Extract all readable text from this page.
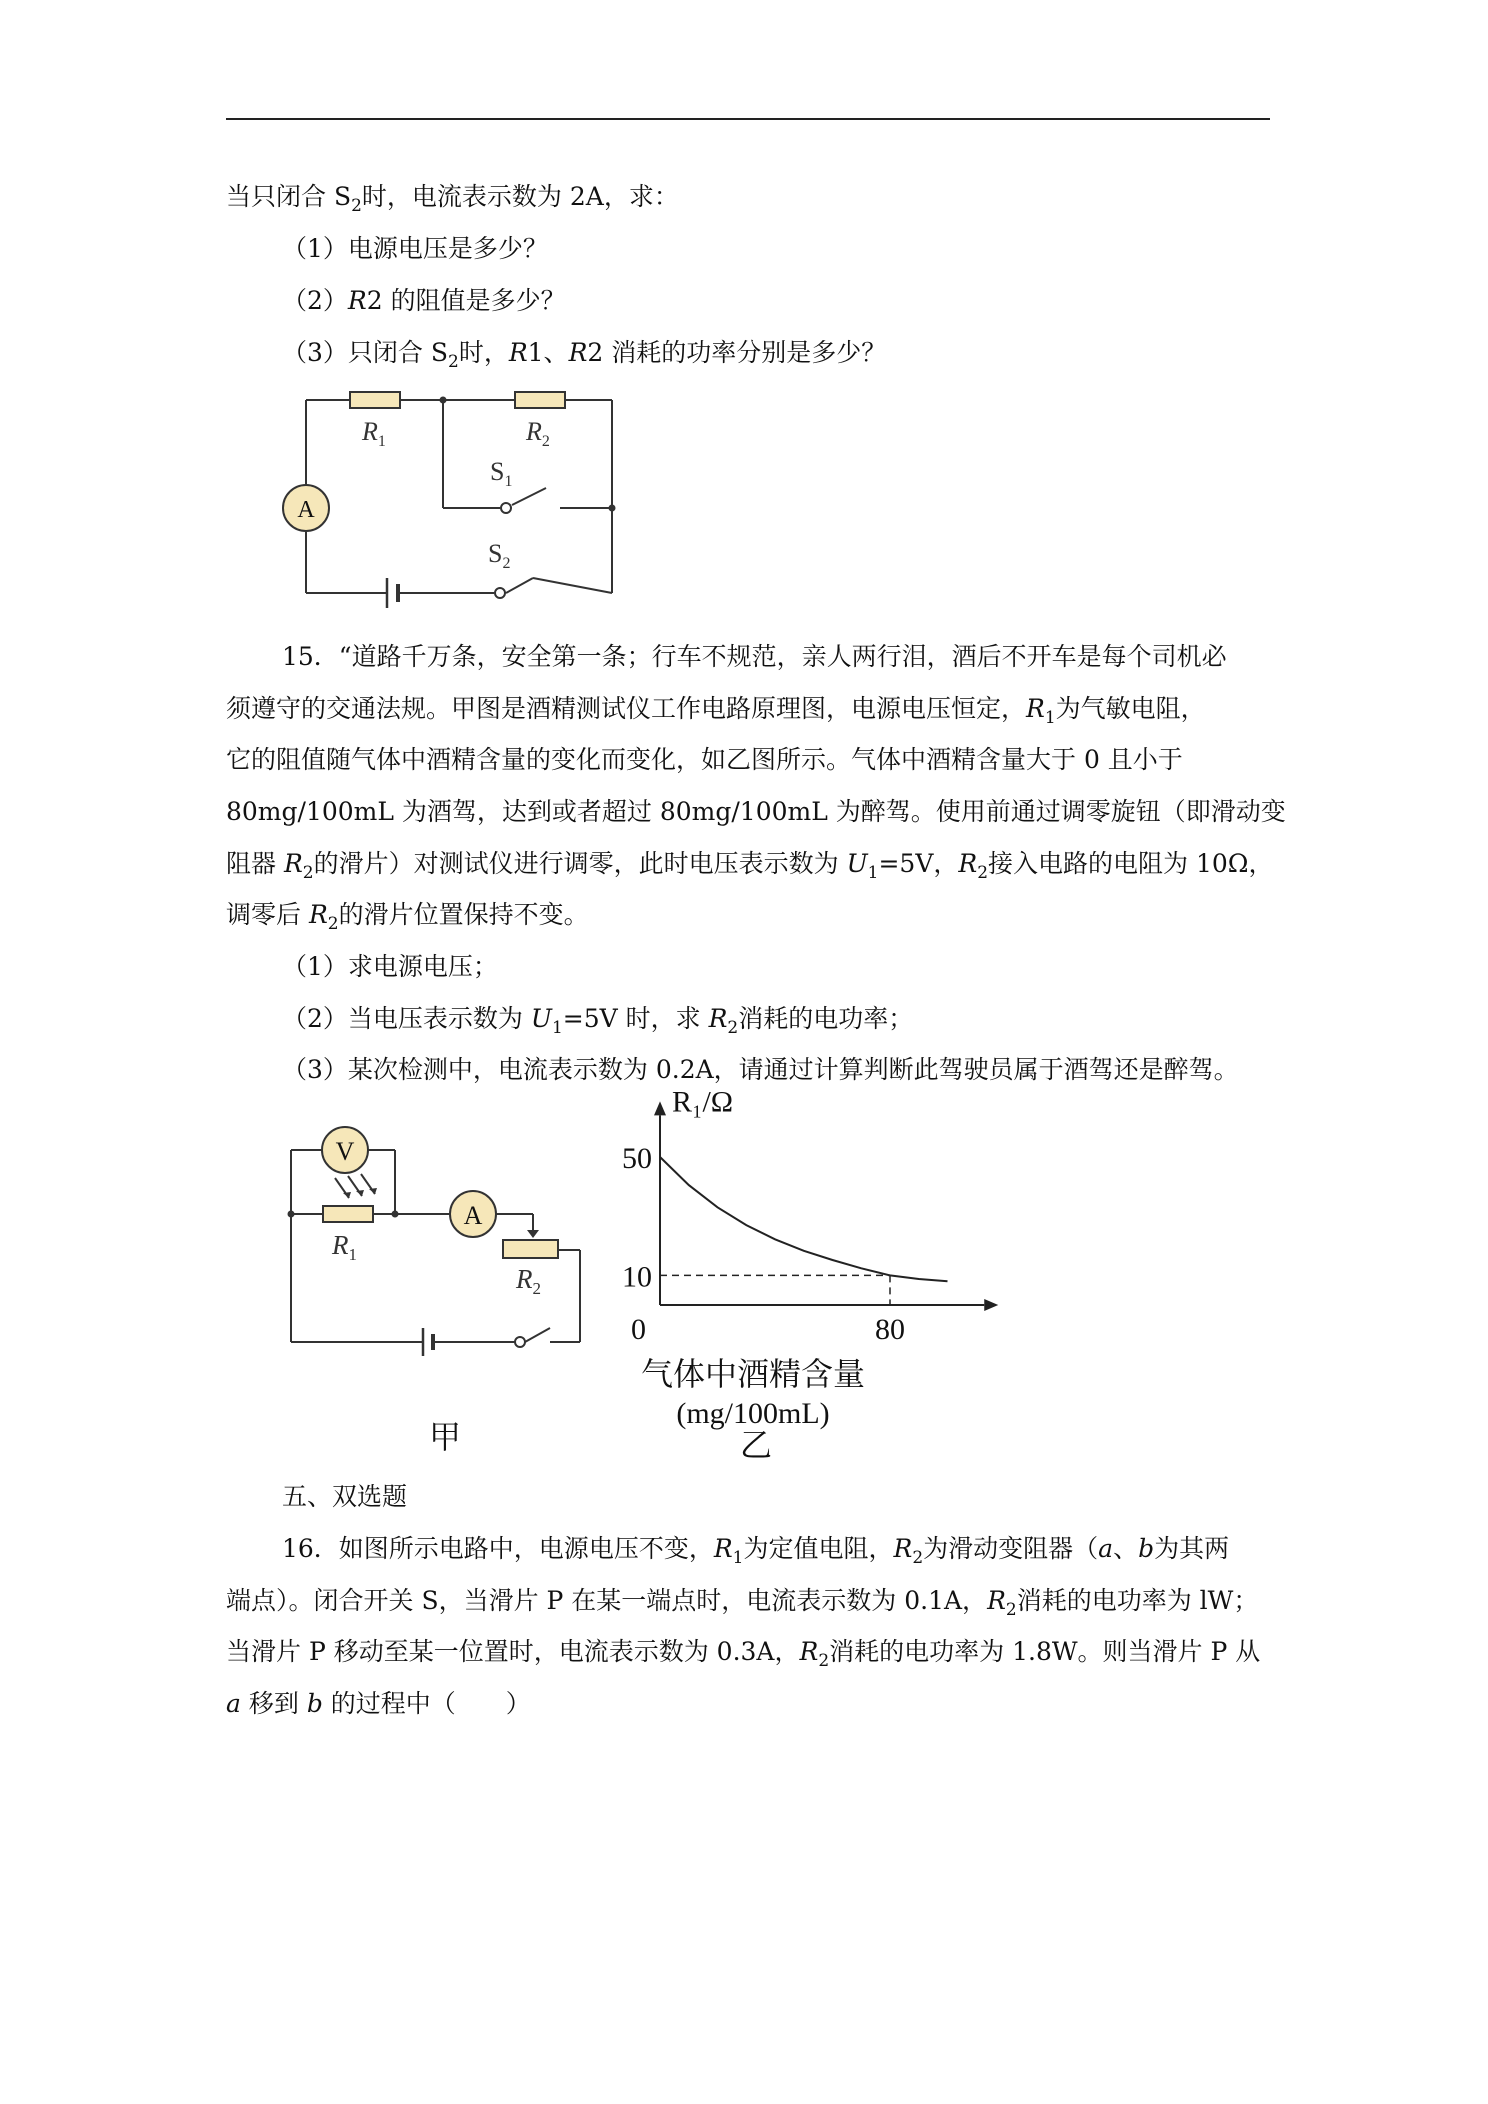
当只闭合 $S_2$时，电流表示数为 2A，求：
（1）电源电压是多少？
（2）R2 的阻值是多少？
（3）只闭合 $S_2$时，R1、R2 消耗的功率分别是多少？
A
$R_1$	$R_2$
$S_1$
$S_2$
15．“道路千万条，安全第一条；行车不规范，亲人两行泪，酒后不开车是每个司机必
须遵守的交通法规。甲图是酒精测试仪工作电路原理图，电源电压恒定，$R_1$为气敏电阻，
它的阻值随气体中酒精含量的变化而变化，如乙图所示。气体中酒精含量大于 0 且小于
80mg/100mL 为酒驾，达到或者超过 80mg/100mL 为醉驾。使用前通过调零旋钮（即滑动变
阻器 $R_2$的滑片）对测试仪进行调零，此时电压表示数为 $U_1=5V$，$R_2$接入电路的电阻为 10Ω，
调零后 $R_2$的滑片位置保持不变。
（1）求电源电压；
（2）当电压表示数为 $U_1=5V$ 时，求 $R_2$消耗的电功率；
（3）某次检测中，电流表示数为 0.2A，请通过计算判断此驾驶员属于酒驾还是醉驾。
V
A
$R_1$
$R_2$
甲
10
50
80
0
R₁/Ω
气体中酒精含量
(mg/100mL)
乙
五、双选题
16．如图所示电路中，电源电压不变，$R_1$为定值电阻，$R_2$为滑动变阻器（a、b为其两
端点）。闭合开关 S，当滑片 P 在某一端点时，电流表示数为 0.1A，$R_2$消耗的电功率为 lW；
当滑片 P 移动至某一位置时，电流表示数为 0.3A，$R_2$消耗的电功率为 1.8W。则当滑片 P 从
a 移到 b 的过程中（　　）
